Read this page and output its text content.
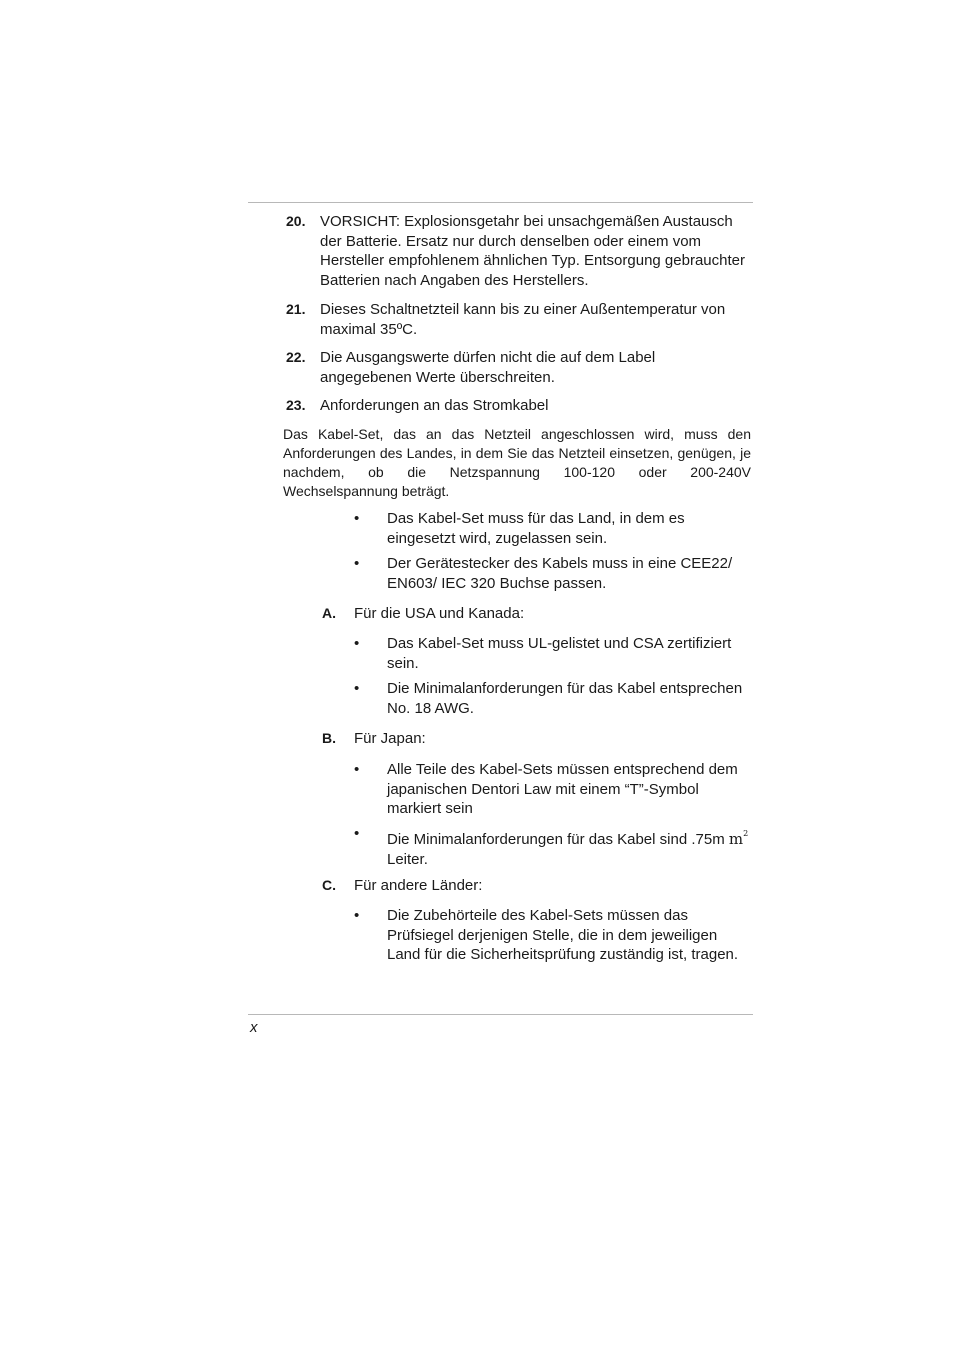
20. VORSICHT: Explosionsgetahr bei unsachgemäßen Austausch der Batterie. Ersatz nur durch denselben oder einem vom Hersteller empfohlenem ähnlichen Typ. Entsorgung gebrauchter Batterien nach Angaben des Herstellers.
21. Dieses Schaltnetzteil kann bis zu einer Außentemperatur von maximal 35ºC.
22. Die Ausgangswerte dürfen nicht die auf dem Label angegebenen Werte überschreiten.
23. Anforderungen an das Stromkabel
Das Kabel-Set, das an das Netzteil angeschlossen wird, muss den Anforderungen des Landes, in dem Sie das Netzteil einsetzen, genügen, je nachdem, ob die Netzspannung 100-120 oder 200-240V Wechselspannung beträgt.
• Das Kabel-Set muss für das Land, in dem es eingesetzt wird, zugelassen sein.
• Der Gerätestecker des Kabels muss in eine CEE22/ EN603/ IEC 320 Buchse passen.
A. Für die USA und Kanada:
• Das Kabel-Set muss UL-gelistet und CSA zertifiziert sein.
• Die Minimalanforderungen für das Kabel entsprechen No. 18 AWG.
B. Für Japan:
• Alle Teile des Kabel-Sets müssen entsprechend dem japanischen Dentori Law mit einem “T”-Symbol markiert sein
• Die Minimalanforderungen für das Kabel sind .75m $m^2$
Leiter.
C. Für andere Länder:
• Die Zubehörteile des Kabel-Sets müssen das Prüfsiegel derjenigen Stelle, die in dem jeweiligen Land für die Sicherheitsprüfung zuständig ist, tragen.
x
